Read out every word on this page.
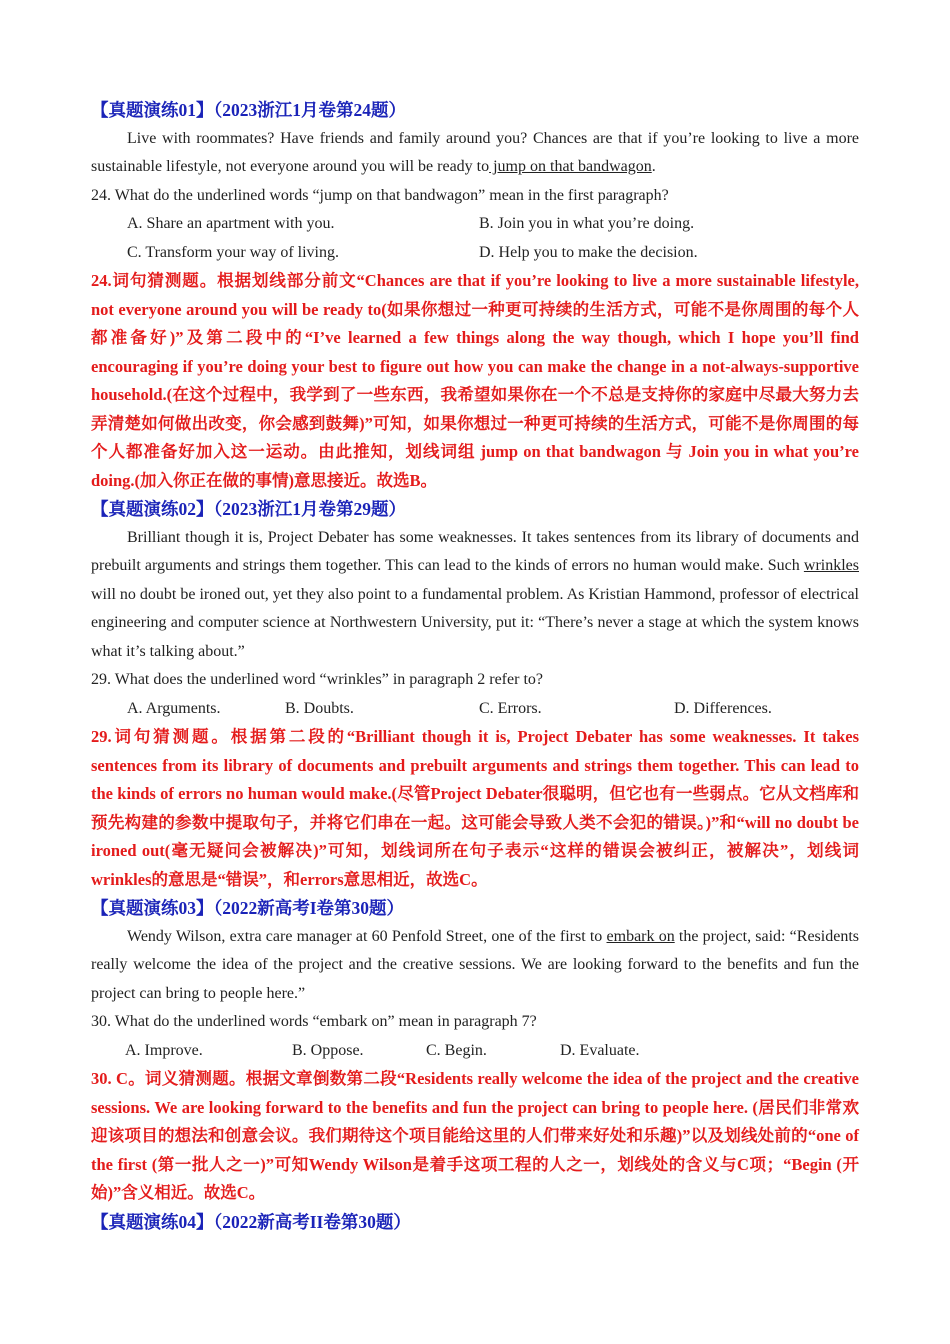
【真题演练01】（2023浙江1月卷第24题）
Live with roommates? Have friends and family around you? Chances are that if you’re looking to live a more sustainable lifestyle, not everyone around you will be ready to jump on that bandwagon.
24. What do the underlined words “jump on that bandwagon” mean in the first paragraph?
A. Share an apartment with you.	B. Join you in what you’re doing.
C. Transform your way of living.	D. Help you to make the decision.
24.词句猜测题。根据划线部分前文“Chances are that if you’re looking to live a more sustainable lifestyle, not everyone around you will be ready to(如果你想过一种更可持续的生活方式，可能不是你周围的每个人都准备好)”及第二段中的“I’ve learned a few things along the way though, which I hope you’ll find encouraging if you’re doing your best to figure out how you can make the change in a not-always-supportive household.(在这个过程中，我学到了一些东西，我希望如果你在一个不总是支持你的家庭中尽最大努力去弄清楚如何做出改变，你会感到鼓舞)”可知，如果你想过一种更可持续的生活方式，可能不是你周围的每个人都准备好加入这一运动。由此推知，划线词组 jump on that bandwagon 与 Join you in what you’re doing.(加入你正在做的事情)意思接近。故选B。
【真题演练02】（2023浙江1月卷第29题）
Brilliant though it is, Project Debater has some weaknesses. It takes sentences from its library of documents and prebuilt arguments and strings them together. This can lead to the kinds of errors no human would make. Such wrinkles will no doubt be ironed out, yet they also point to a fundamental problem. As Kristian Hammond, professor of electrical engineering and computer science at Northwestern University, put it: “There’s never a stage at which the system knows what it’s talking about.”
29. What does the underlined word “wrinkles” in paragraph 2 refer to?
A. Arguments.	B. Doubts.	C. Errors.	D. Differences.
29.词句猜测题。根据第二段的“Brilliant though it is, Project Debater has some weaknesses. It takes sentences from its library of documents and prebuilt arguments and strings them together. This can lead to the kinds of errors no human would make.(尽管Project Debater很聪明，但它也有一些弱点。它从文档库和预先构建的参数中提取句子，并将它们串在一起。这可能会导致人类不会犯的错误。)”和“will no doubt be ironed out(毫无疑问会被解决)”可知，划线词所在句子表示“这样的错误会被纠正，被解决”，划线词wrinkles的意思是“错误”，和errors意思相近，故选C。
【真题演练03】（2022新高考I卷第30题）
Wendy Wilson, extra care manager at 60 Penfold Street, one of the first to embark on the project, said: “Residents really welcome the idea of the project and the creative sessions. We are looking forward to the benefits and fun the project can bring to people here.”
30. What do the underlined words “embark on” mean in paragraph 7?
A. Improve.	B. Oppose.	C. Begin.	D. Evaluate.
30. C。词义猜测题。根据文章倒数第二段“Residents really welcome the idea of the project and the creative sessions. We are looking forward to the benefits and fun the project can bring to people here. (居民们非常欢迎该项目的想法和创意会议。我们期待这个项目能给这里的人们带来好处和乐趣)”以及划线处前的“one of the first (第一批人之一)”可知Wendy Wilson是着手这项工程的人之一，划线处的含义与C项；“Begin (开始)”含义相近。故选C。
【真题演练04】（2022新高考II卷第30题）
